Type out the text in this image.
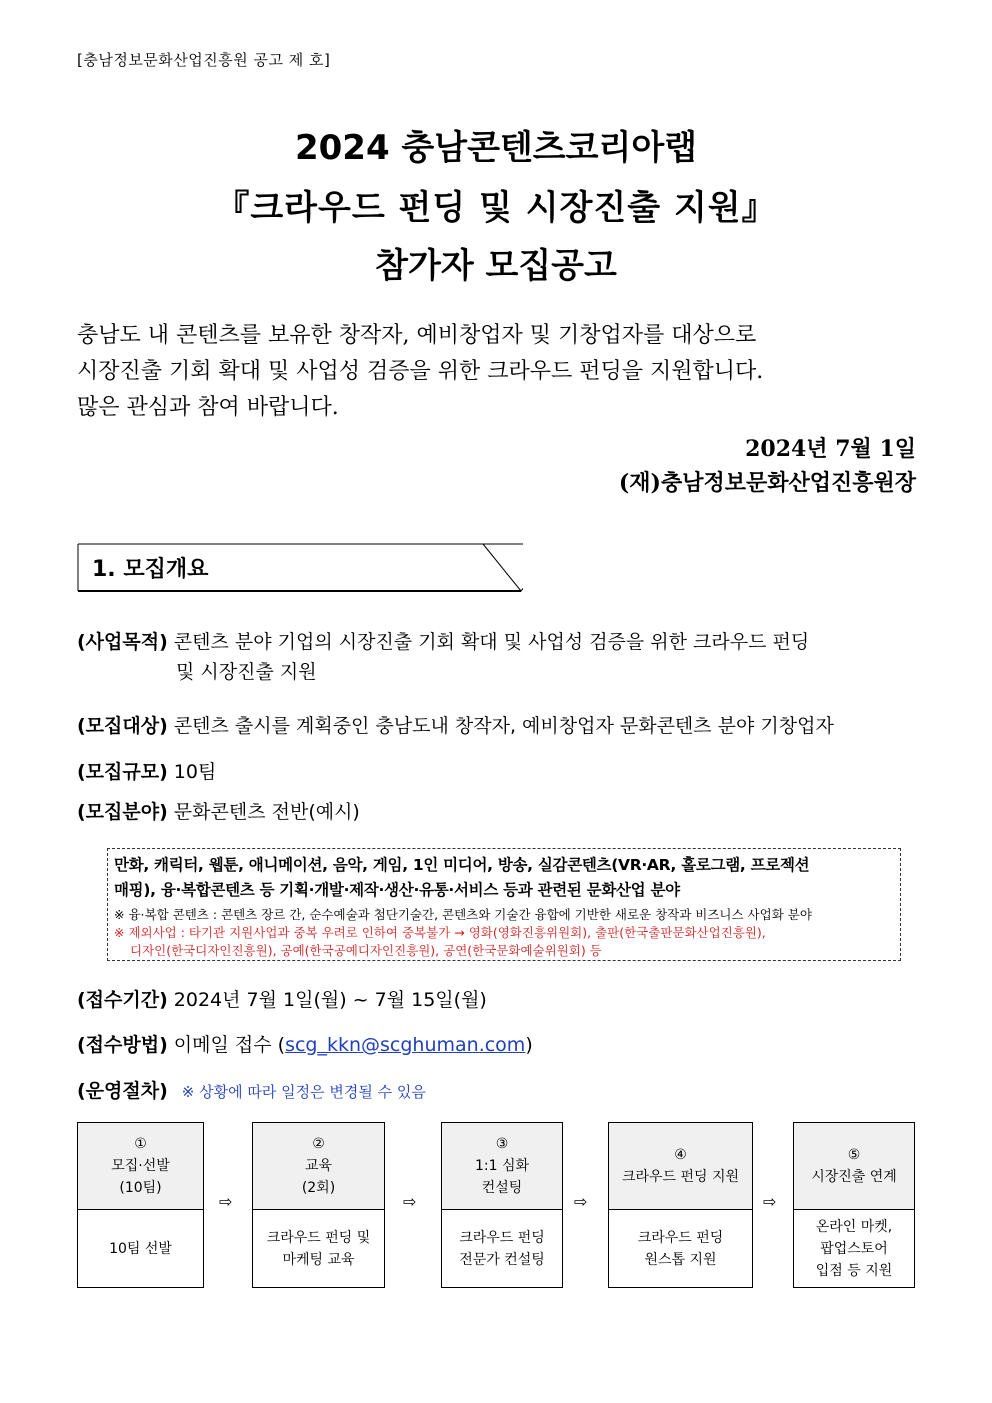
[충남정보문화산업진흥원 공고 제 호]
2024 충남콘텐츠코리아랩
『크라우드 펀딩 및 시장진출 지원』
참가자 모집공고
충남도 내 콘텐츠를 보유한 창작자, 예비창업자 및 기창업자를 대상으로
시장진출 기회 확대 및 사업성 검증을 위한 크라우드 펀딩을 지원합니다.
많은 관심과 참여 바랍니다.
2024년 7월 1일
(재)충남정보문화산업진흥원장
1. 모집개요
(사업목적) 콘텐츠 분야 기업의 시장진출 기회 확대 및 사업성 검증을 위한 크라우드 펀딩
및 시장진출 지원
(모집대상) 콘텐츠 출시를 계획중인 충남도내 창작자, 예비창업자 문화콘텐츠 분야 기창업자
(모집규모) 10팀
(모집분야) 문화콘텐츠 전반(예시)
만화, 캐릭터, 웹툰, 애니메이션, 음악, 게임, 1인 미디어, 방송, 실감콘텐츠(VR·AR, 홀로그램, 프로젝션
매핑), 융·복합콘텐츠 등 기획·개발·제작·생산·유통·서비스 등과 관련된 문화산업 분야
※ 융·복합 콘텐츠 : 콘텐츠 장르 간, 순수예술과 첨단기술간, 콘텐츠와 기술간 융합에 기반한 새로운 창작과 비즈니스 사업화 분야
※ 제외사업 : 타기관 지원사업과 중복 우려로 인하여 중복불가 → 영화(영화진흥위원회), 출판(한국출판문화산업진흥원),
디자인(한국디자인진흥원), 공예(한국공예디자인진흥원), 공연(한국문화예술위원회) 등
(접수기간) 2024년 7월 1일(월) ~ 7월 15일(월)
(접수방법) 이메일 접수 (scg_kkn@scghuman.com)
(운영절차) ※ 상황에 따라 일정은 변경될 수 있음
①
모집·선발
(10팀)
10팀 선발
⇨
②
교육
(2회)
크라우드 펀딩 및
마케팅 교육
⇨
③
1:1 심화
컨설팅
크라우드 펀딩
전문가 컨설팅
⇨
④
크라우드 펀딩 지원
크라우드 펀딩
원스톱 지원
⇨
⑤
시장진출 연계
온라인 마켓,
팝업스토어
입점 등 지원
